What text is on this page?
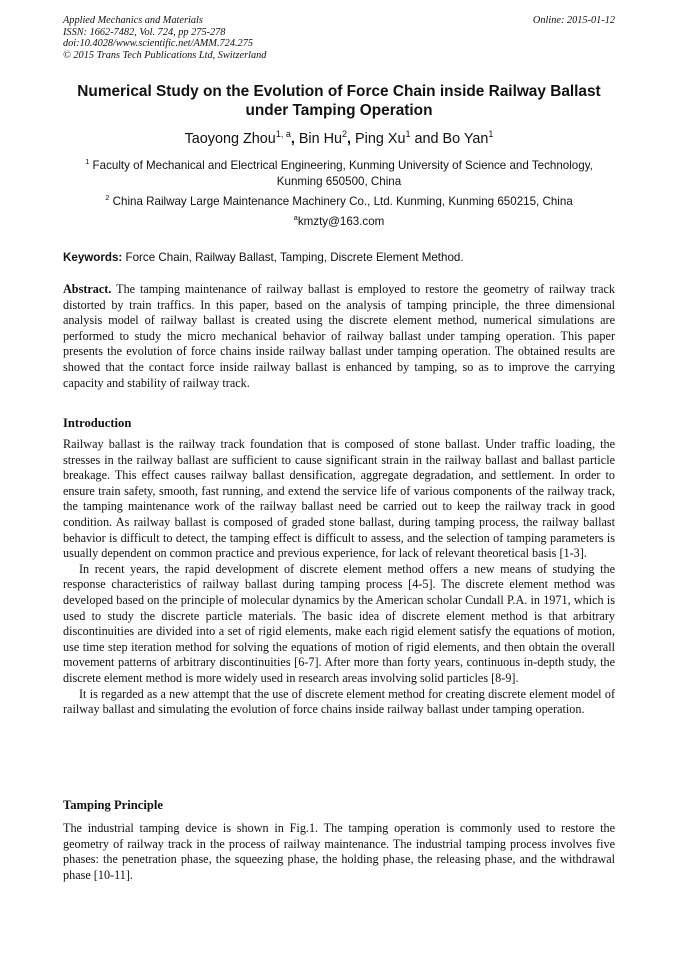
Applied Mechanics and Materials
ISSN: 1662-7482, Vol. 724, pp 275-278
doi:10.4028/www.scientific.net/AMM.724.275
© 2015 Trans Tech Publications Ltd, Switzerland
Online: 2015-01-12
Numerical Study on the Evolution of Force Chain inside Railway Ballast under Tamping Operation
Taoyong Zhou$^{1, a}$, Bin Hu$^2$, Ping Xu$^1$ and Bo Yan$^1$
$^1$ Faculty of Mechanical and Electrical Engineering, Kunming University of Science and Technology, Kunming 650500, China
$^2$ China Railway Large Maintenance Machinery Co., Ltd. Kunming, Kunming 650215, China
$^a$kmzty@163.com
Keywords: Force Chain, Railway Ballast, Tamping, Discrete Element Method.

Abstract. The tamping maintenance of railway ballast is employed to restore the geometry of railway track distorted by train traffics. In this paper, based on the analysis of tamping principle, the three dimensional analysis model of railway ballast is created using the discrete element method, numerical simulations are performed to study the micro mechanical behavior of railway ballast under tamping operation. This paper presents the evolution of force chains inside railway ballast under tamping operation. The obtained results are showed that the contact force inside railway ballast is enhanced by tamping, so as to improve the carrying capacity and stability of railway track.

Introduction

Railway ballast is the railway track foundation that is composed of stone ballast. Under traffic loading, the stresses in the railway ballast are sufficient to cause significant strain in the railway ballast and ballast particle breakage. This effect causes railway ballast densification, aggregate degradation, and settlement. In order to ensure train safety, smooth, fast running, and extend the service life of various components of the railway track, the tamping maintenance work of the railway ballast need be carried out to keep the railway track in good condition. As railway ballast is composed of graded stone ballast, during tamping process, the railway ballast behavior is difficult to detect, the tamping effect is difficult to assess, and the selection of tamping parameters is usually dependent on common practice and previous experience, for lack of relevant theoretical basis [1-3].

In recent years, the rapid development of discrete element method offers a new means of studying the response characteristics of railway ballast during tamping process [4-5]. The discrete element method was developed based on the principle of molecular dynamics by the American scholar Cundall P.A. in 1971, which is used to study the discrete particle materials. The basic idea of discrete element method is that arbitrary discontinuities are divided into a set of rigid elements, make each rigid element satisfy the equations of motion, use time step iteration method for solving the equations of motion of rigid elements, and then obtain the overall movement patterns of arbitrary discontinuities [6-7]. After more than forty years, continuous in-depth study, the discrete element method is more widely used in research areas involving solid particles [8-9].

It is regarded as a new attempt that the use of discrete element method for creating discrete element model of railway ballast and simulating the evolution of force chains inside railway ballast under tamping operation.

Tamping Principle

The industrial tamping device is shown in Fig.1. The tamping operation is commonly used to restore the geometry of railway track in the process of railway maintenance. The industrial tamping process involves five phases: the penetration phase, the squeezing phase, the holding phase, the releasing phase, and the withdrawal phase [10-11].
